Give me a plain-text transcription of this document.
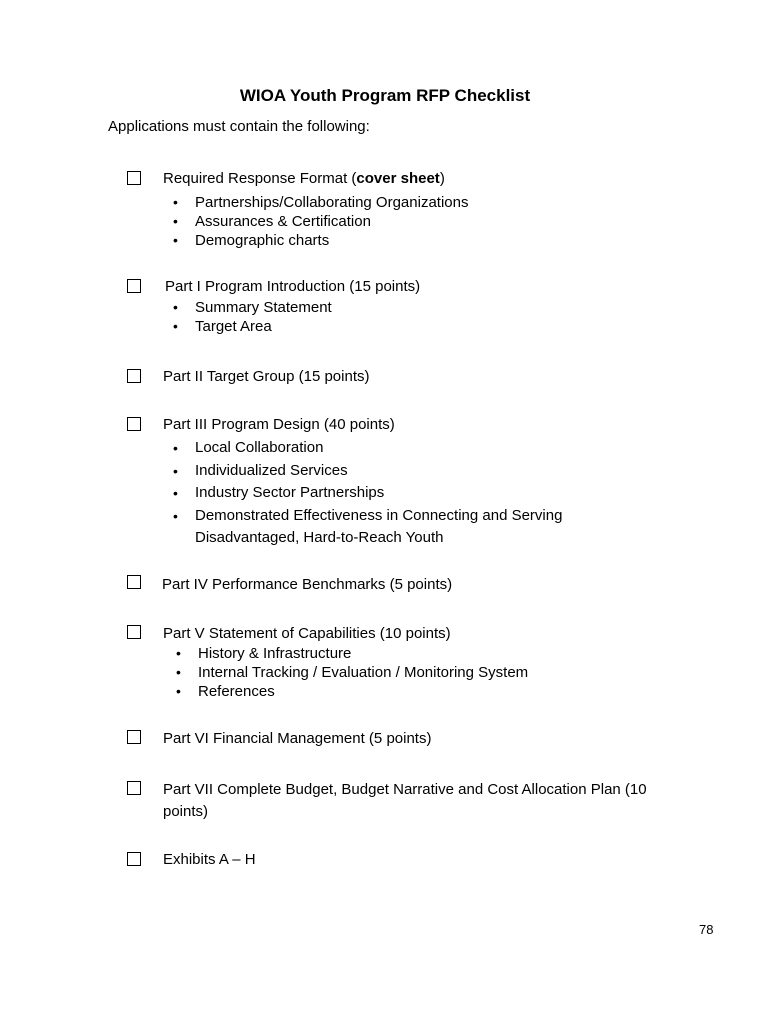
WIOA Youth Program RFP Checklist
Applications must contain the following:
Required Response Format (cover sheet)
• Partnerships/Collaborating Organizations
• Assurances & Certification
• Demographic charts
Part I Program Introduction (15 points)
• Summary Statement
• Target Area
Part II Target Group (15 points)
Part III Program Design (40 points)
• Local Collaboration
• Individualized Services
• Industry Sector Partnerships
• Demonstrated Effectiveness in Connecting and Serving Disadvantaged, Hard-to-Reach Youth
Part IV Performance Benchmarks (5 points)
Part V Statement of Capabilities (10 points)
• History & Infrastructure
• Internal Tracking / Evaluation / Monitoring System
• References
Part VI Financial Management (5 points)
Part VII Complete Budget, Budget Narrative and Cost Allocation Plan (10 points)
Exhibits A – H
78
